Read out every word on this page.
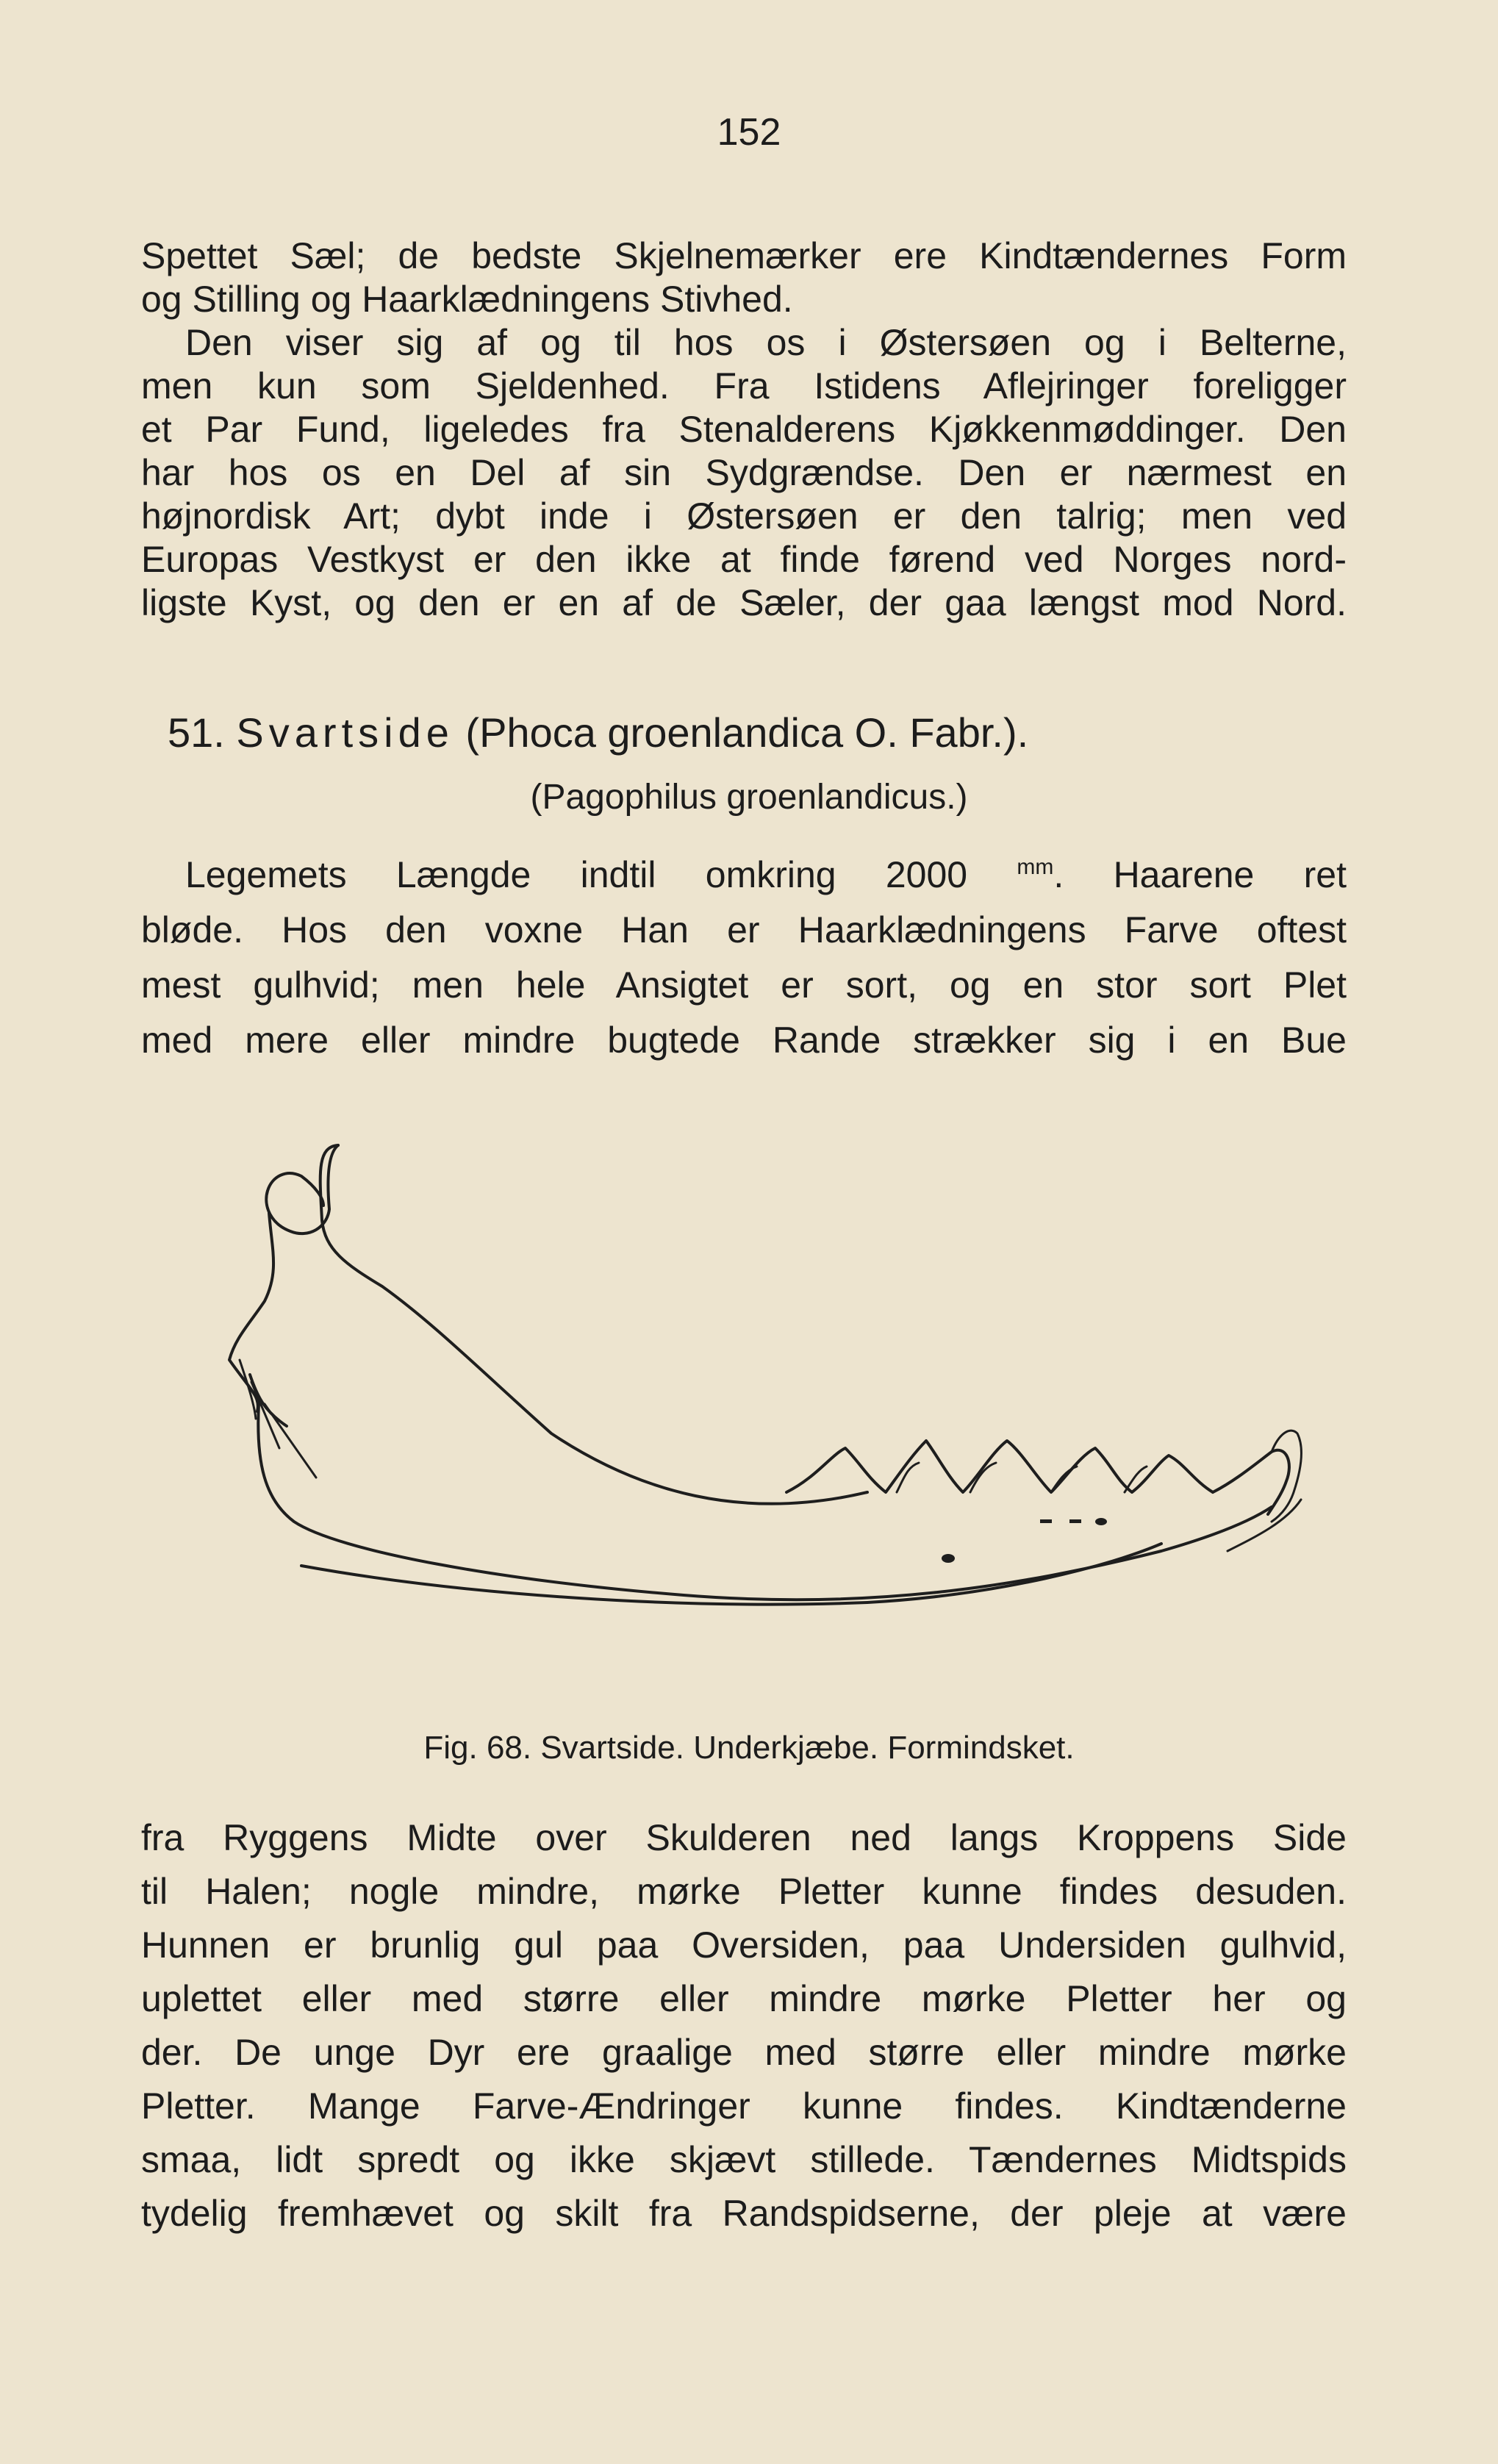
152
Spettet Sæl; de bedste Skjelnemærker ere Kindtændernes Form
og Stilling og Haarklædningens Stivhed.
Den viser sig af og til hos os i Østersøen og i Belterne,
men kun som Sjeldenhed. Fra Istidens Aflejringer foreligger
et Par Fund, ligeledes fra Stenalderens Kjøkkenmøddinger. Den
har hos os en Del af sin Sydgrændse. Den er nærmest en
højnordisk Art; dybt inde i Østersøen er den talrig; men ved
Europas Vestkyst er den ikke at finde førend ved Norges nord-
ligste Kyst, og den er en af de Sæler, der gaa længst mod Nord.
51. Svartside (Phoca groenlandica O. Fabr.).
(Pagophilus groenlandicus.)
Legemets Længde indtil omkring 2000 $^{mm}$. Haarene ret
bløde. Hos den voxne Han er Haarklædningens Farve oftest
mest gulhvid; men hele Ansigtet er sort, og en stor sort Plet
med mere eller mindre bugtede Rande strækker sig i en Bue
Fig. 68. Svartside. Underkjæbe. Formindsket.
fra Ryggens Midte over Skulderen ned langs Kroppens Side
til Halen; nogle mindre, mørke Pletter kunne findes desuden.
Hunnen er brunlig gul paa Oversiden, paa Undersiden gulhvid,
uplettet eller med større eller mindre mørke Pletter her og
der. De unge Dyr ere graalige med større eller mindre mørke
Pletter. Mange Farve-Ændringer kunne findes. Kindtænderne
smaa, lidt spredt og ikke skjævt stillede. Tændernes Midtspids
tydelig fremhævet og skilt fra Randspidserne, der pleje at være
